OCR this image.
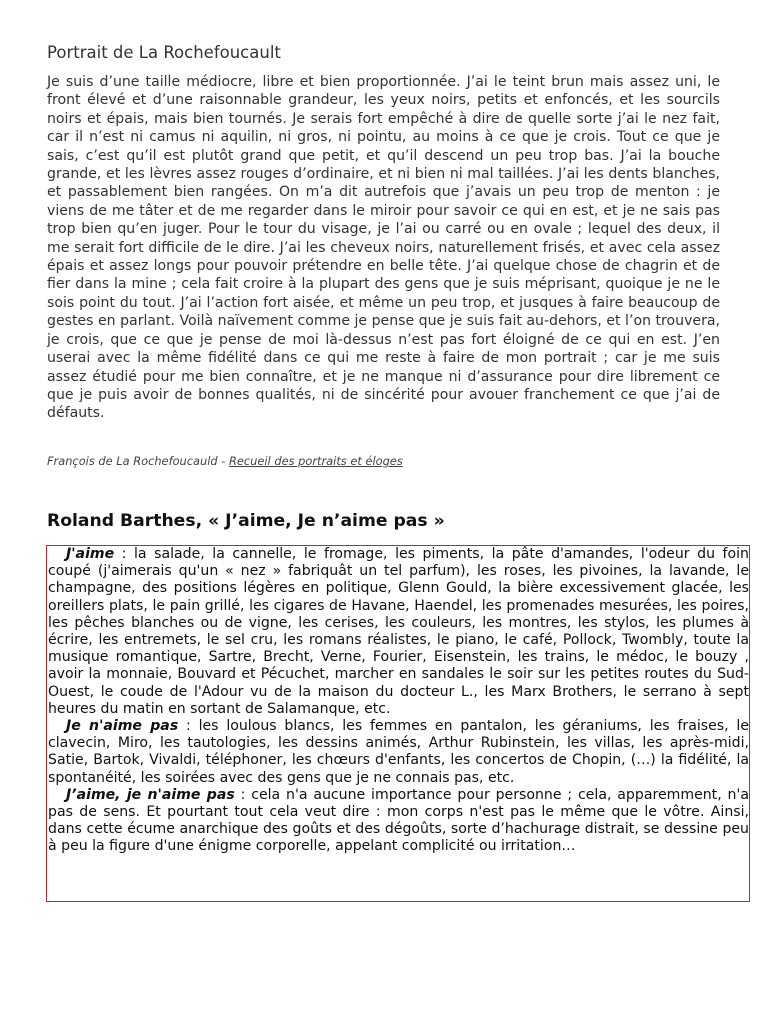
Portrait de La Rochefoucault

Je suis d’une taille médiocre, libre et bien proportionnée. J’ai le teint brun mais assez uni, le front élevé et d’une raisonnable grandeur, les yeux noirs, petits et enfoncés, et les sourcils noirs et épais, mais bien tournés. Je serais fort empêché à dire de quelle sorte j’ai le nez fait, car il n’est ni camus ni aquilin, ni gros, ni pointu, au moins à ce que je crois. Tout ce que je sais, c’est qu’il est plutôt grand que petit, et qu’il descend un peu trop bas. J’ai la bouche grande, et les lèvres assez rouges d’ordinaire, et ni bien ni mal taillées. J’ai les dents blanches, et passablement bien rangées. On m’a dit autrefois que j’avais un peu trop de menton : je viens de me tâter et de me regarder dans le miroir pour savoir ce qui en est, et je ne sais pas trop bien qu’en juger. Pour le tour du visage, je l’ai ou carré ou en ovale ; lequel des deux, il me serait fort difficile de le dire. J’ai les cheveux noirs, naturellement frisés, et avec cela assez épais et assez longs pour pouvoir prétendre en belle tête. J’ai quelque chose de chagrin et de fier dans la mine ; cela fait croire à la plupart des gens que je suis méprisant, quoique je ne le sois point du tout. J’ai l’action fort aisée, et même un peu trop, et jusques à faire beaucoup de gestes en parlant. Voilà naïvement comme je pense que je suis fait au-dehors, et l’on trouvera, je crois, que ce que je pense de moi là-dessus n’est pas fort éloigné de ce qui en est. J’en userai avec la même fidélité dans ce qui me reste à faire de mon portrait ; car je me suis assez étudié pour me bien connaître, et je ne manque ni d’assurance pour dire librement ce que je puis avoir de bonnes qualités, ni de sincérité pour avouer franchement ce que j’ai de défauts.

François de La Rochefoucauld - Recueil des portraits et éloges

Roland Barthes, « J’aime, Je n’aime pas »

J'aime : la salade, la cannelle, le fromage, les piments, la pâte d'amandes, l'odeur du foin coupé (j'aimerais qu'un « nez » fabriquât un tel parfum), les roses, les pivoines, la lavande, le champagne, des positions légères en politique, Glenn Gould, la bière excessivement glacée, les oreillers plats, le pain grillé, les cigares de Havane, Haendel, les promenades mesurées, les poires, les pêches blanches ou de vigne, les cerises, les couleurs, les montres, les stylos, les plumes à écrire, les entremets, le sel cru, les romans réalistes, le piano, le café, Pollock, Twombly, toute la musique romantique, Sartre, Brecht, Verne, Fourier, Eisenstein, les trains, le médoc, le bouzy , avoir la monnaie, Bouvard et Pécuchet, marcher en sandales le soir sur les petites routes du Sud-Ouest, le coude de l'Adour vu de la maison du docteur L., les Marx Brothers, le serrano à sept heures du matin en sortant de Salamanque, etc.

Je n'aime pas : les loulous blancs, les femmes en pantalon, les géraniums, les fraises, le clavecin, Miro, les tautologies, les dessins animés, Arthur Rubinstein, les villas, les après-midi, Satie, Bartok, Vivaldi, téléphoner, les chœurs d'enfants, les concertos de Chopin, (…) la fidélité, la spontanéité, les soirées avec des gens que je ne connais pas, etc.

J’aime, je n'aime pas : cela n'a aucune importance pour personne ; cela, apparemment, n'a pas de sens. Et pourtant tout cela veut dire : mon corps n'est pas le même que le vôtre. Ainsi, dans cette écume anarchique des goûts et des dégoûts, sorte d’hachurage distrait, se dessine peu à peu la figure d'une énigme corporelle, appelant complicité ou irritation…
